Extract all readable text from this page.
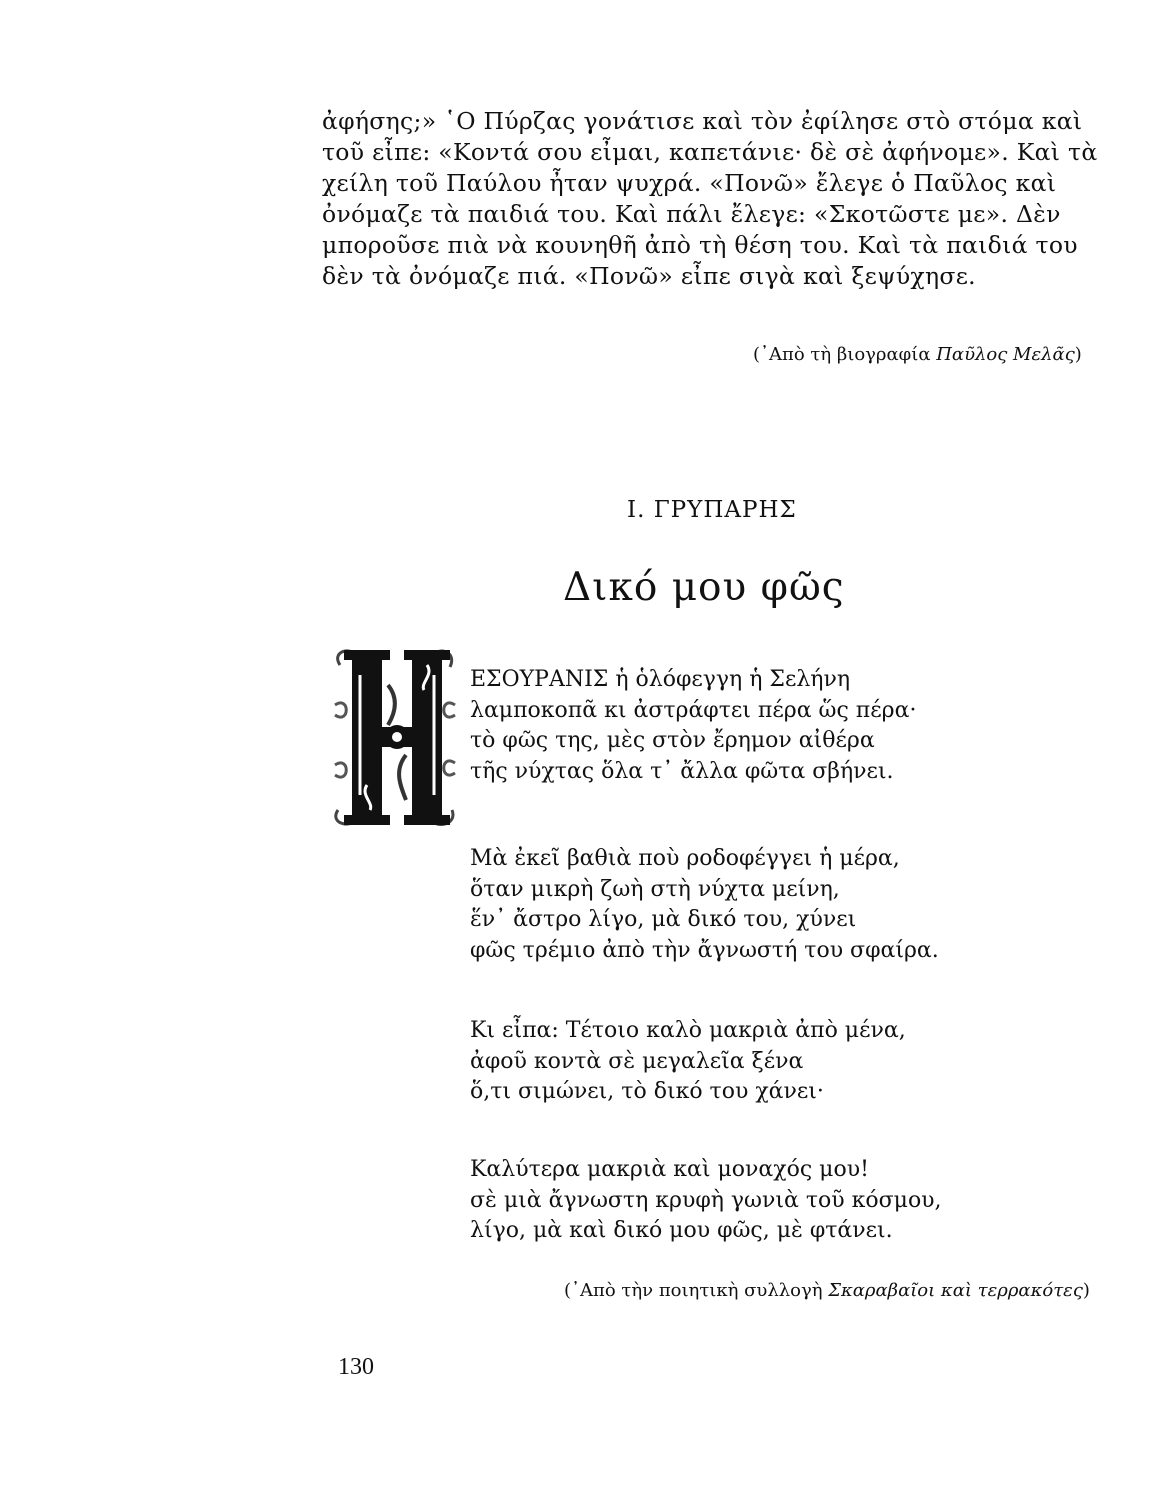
ἀφήσης;» ῾Ο Πύρζας γονάτισε καὶ τὸν ἐφίλησε στὸ στόμα καὶ
τοῦ εἶπε: «Κοντά σου εἶμαι, καπετάνιε· δὲ σὲ ἀφήνομε». Καὶ τὰ
χείλη τοῦ Παύλου ἦταν ψυχρά. «Πονῶ» ἔλεγε ὁ Παῦλος καὶ
ὀνόμαζε τὰ παιδιά του. Καὶ πάλι ἔλεγε: «Σκοτῶστε με». Δὲν
μποροῦσε πιὰ νὰ κουνηθῆ ἀπὸ τὴ θέση του. Καὶ τὰ παιδιά του
δὲν τὰ ὀνόμαζε πιά. «Πονῶ» εἶπε σιγὰ καὶ ξεψύχησε.
(᾿Απὸ τὴ βιογραφία Παῦλος Μελᾶς)
Ι. ΓΡΥΠΑΡΗΣ
Δικό μου φῶς
ΕΣΟΥΡΑΝΙΣ ἡ ὁλόφεγγη ἡ Σελήνη
λαμποκοπᾶ κι ἀστράφτει πέρα ὥς πέρα·
τὸ φῶς της, μὲς στὸν ἔρημον αἰθέρα
τῆς νύχτας ὅλα τ᾿ ἄλλα φῶτα σβήνει.
Μὰ ἐκεῖ βαθιὰ ποὺ ροδοφέγγει ἡ μέρα,
ὅταν μικρὴ ζωὴ στὴ νύχτα μείνη,
ἕν᾿ ἄστρο λίγο, μὰ δικό του, χύνει
φῶς τρέμιο ἀπὸ τὴν ἄγνωστή του σφαίρα.
Κι εἶπα: Τέτοιο καλὸ μακριὰ ἀπὸ μένα,
ἀφοῦ κοντὰ σὲ μεγαλεῖα ξένα
ὅ,τι σιμώνει, τὸ δικό του χάνει·
Καλύτερα μακριὰ καὶ μοναχός μου!
σὲ μιὰ ἄγνωστη κρυφὴ γωνιὰ τοῦ κόσμου,
λίγο, μὰ καὶ δικό μου φῶς, μὲ φτάνει.
(᾿Απὸ τὴν ποιητικὴ συλλογὴ Σκαραβαῖοι καὶ τερρακότες)
130
